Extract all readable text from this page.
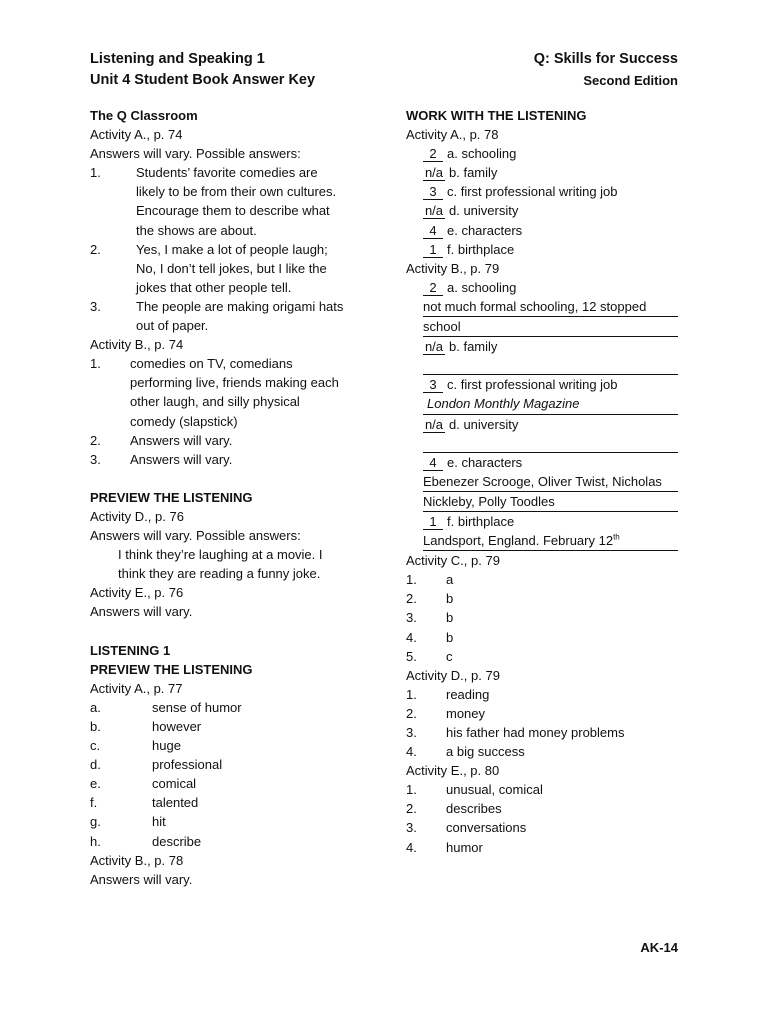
Listening and Speaking 1
Unit 4 Student Book Answer Key
Q: Skills for Success
Second Edition
The Q Classroom
Activity A., p. 74
Answers will vary. Possible answers:
1.	Students’ favorite comedies are
likely to be from their own cultures.
Encourage them to describe what
the shows are about.
2.	Yes, I make a lot of people laugh;
No, I don’t tell jokes, but I like the
jokes that other people tell.
3.	The people are making origami hats
out of paper.
Activity B., p. 74
1. comedies on TV, comedians
performing live, friends making each
other laugh, and silly physical
comedy (slapstick)
2. Answers will vary.
3. Answers will vary.
PREVIEW THE LISTENING
Activity D., p. 76
Answers will vary. Possible answers:
I think they’re laughing at a movie. I
think they are reading a funny joke.
Activity E., p. 76
Answers will vary.
LISTENING 1
PREVIEW THE LISTENING
Activity A., p. 77
a.	sense of humor
b.	however
c.	huge
d.	professional
e.	comical
f.	talented
g.	hit
h.	describe
Activity B., p. 78
Answers will vary.
WORK WITH THE LISTENING
Activity A., p. 78
2 a. schooling
n/a b. family
3 c. first professional writing job
n/a d. university
4 e. characters
1 f. birthplace
Activity B., p. 79
2 a. schooling
not much formal schooling, 12 stopped
school
n/a b. family
3 c. first professional writing job
London Monthly Magazine
n/a d. university
4 e. characters
Ebenezer Scrooge, Oliver Twist, Nicholas
Nickleby, Polly Toodles
1 f. birthplace
Landsport, England. February 12th
Activity C., p. 79
1. a
2. b
3. b
4. b
5. c
Activity D., p. 79
1. reading
2. money
3. his father had money problems
4. a big success
Activity E., p. 80
1. unusual, comical
2. describes
3. conversations
4. humor
AK-14
